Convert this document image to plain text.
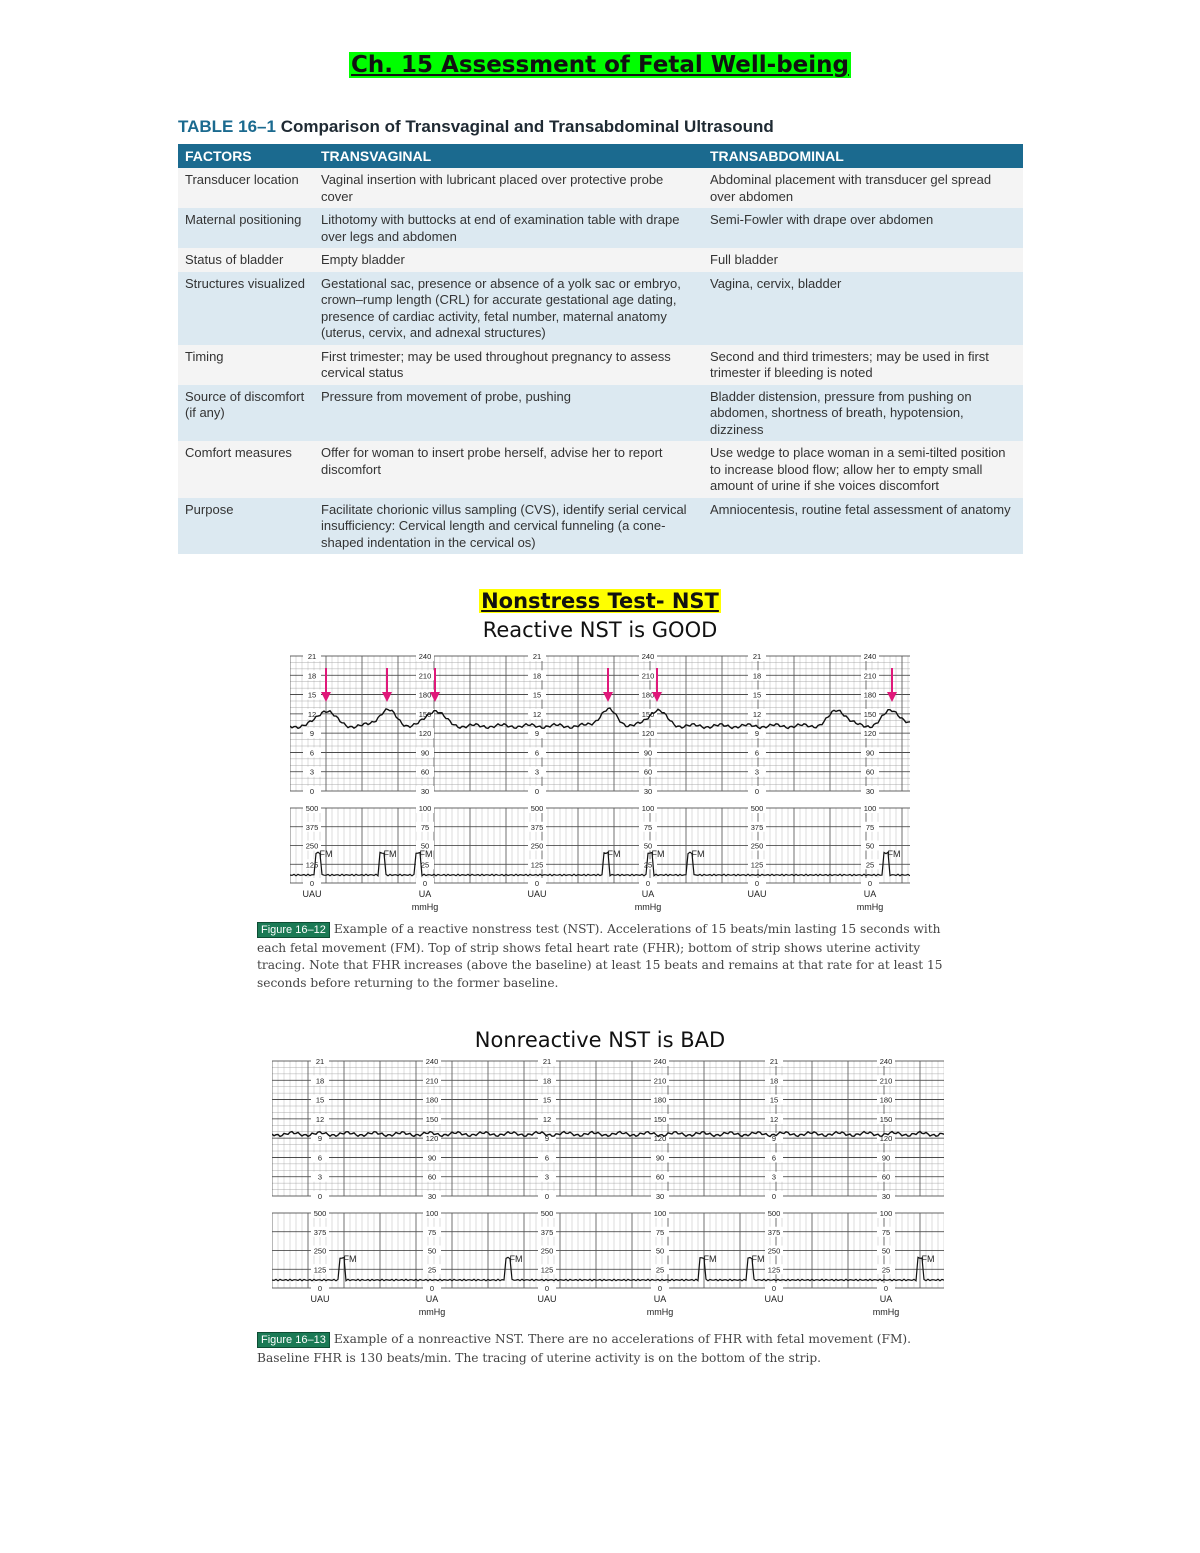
Ch. 15 Assessment of Fetal Well-being
TABLE 16–1 Comparison of Transvaginal and Transabdominal Ultrasound
FACTORS	TRANSVAGINAL	TRANSABDOMINAL
Transducer location	Vaginal insertion with lubricant placed over protective probe cover	Abdominal placement with transducer gel spread over abdomen
Maternal positioning	Lithotomy with buttocks at end of examination table with drape over legs and abdomen	Semi-Fowler with drape over abdomen
Status of bladder	Empty bladder	Full bladder
Structures visualized	Gestational sac, presence or absence of a yolk sac or embryo, crown–rump length (CRL) for accurate gestational age dating, presence of cardiac activity, fetal number, maternal anatomy (uterus, cervix, and adnexal structures)	Vagina, cervix, bladder
Timing	First trimester; may be used throughout pregnancy to assess cervical status	Second and third trimesters; may be used in first trimester if bleeding is noted
Source of discomfort (if any)	Pressure from movement of probe, pushing	Bladder distension, pressure from pushing on abdomen, shortness of breath, hypotension, dizziness
Comfort measures	Offer for woman to insert probe herself, advise her to report discomfort	Use wedge to place woman in a semi-tilted position to increase blood flow; allow her to empty small amount of urine if she voices discomfort
Purpose	Facilitate chorionic villus sampling (CVS), identify serial cervical insufficiency: Cervical length and cervical funneling (a cone-shaped indentation in the cervical os)	Amniocentesis, routine fetal assessment of anatomy
Nonstress Test- NST
Reactive NST is GOOD
21
18
15
12
9
6
3
0
500
375
250
125
0
UAU
240
210
180
150
120
90
60
30
100
75
50
25
0
UA
mmHg
21
18
15
12
9
6
3
0
500
375
250
125
0
UAU
240
210
180
150
120
90
60
30
100
75
50
25
0
UA
mmHg
21
18
15
12
9
6
3
0
500
375
250
125
0
UAU
240
210
180
150
120
90
60
30
100
75
50
25
0
UA
mmHg
FM	FM	FM	FM	FM	FM	FM
Figure 16–12 Example of a reactive nonstress test (NST). Accelerations of 15 beats/min lasting 15 seconds with each fetal movement (FM). Top of strip shows fetal heart rate (FHR); bottom of strip shows uterine activity tracing. Note that FHR increases (above the baseline) at least 15 beats and remains at that rate for at least 15 seconds before returning to the former baseline.
Nonreactive NST is BAD
21
18
15
12
9
6
3
0
500
375
250
125
0
UAU
240
210
180
150
120
90
60
30
100
75
50
25
0
UA
mmHg
21
18
15
12
9
6
3
0
500
375
250
125
0
UAU
240
210
180
150
120
90
60
30
100
75
50
25
0
UA
mmHg
21
18
15
12
9
6
3
0
500
375
250
125
0
UAU
240
210
180
150
120
90
60
30
100
75
50
25
0
UA
mmHg
FM	FM	FM	FM	FM
Figure 16–13 Example of a nonreactive NST. There are no accelerations of FHR with fetal movement (FM). Baseline FHR is 130 beats/min. The tracing of uterine activity is on the bottom of the strip.
